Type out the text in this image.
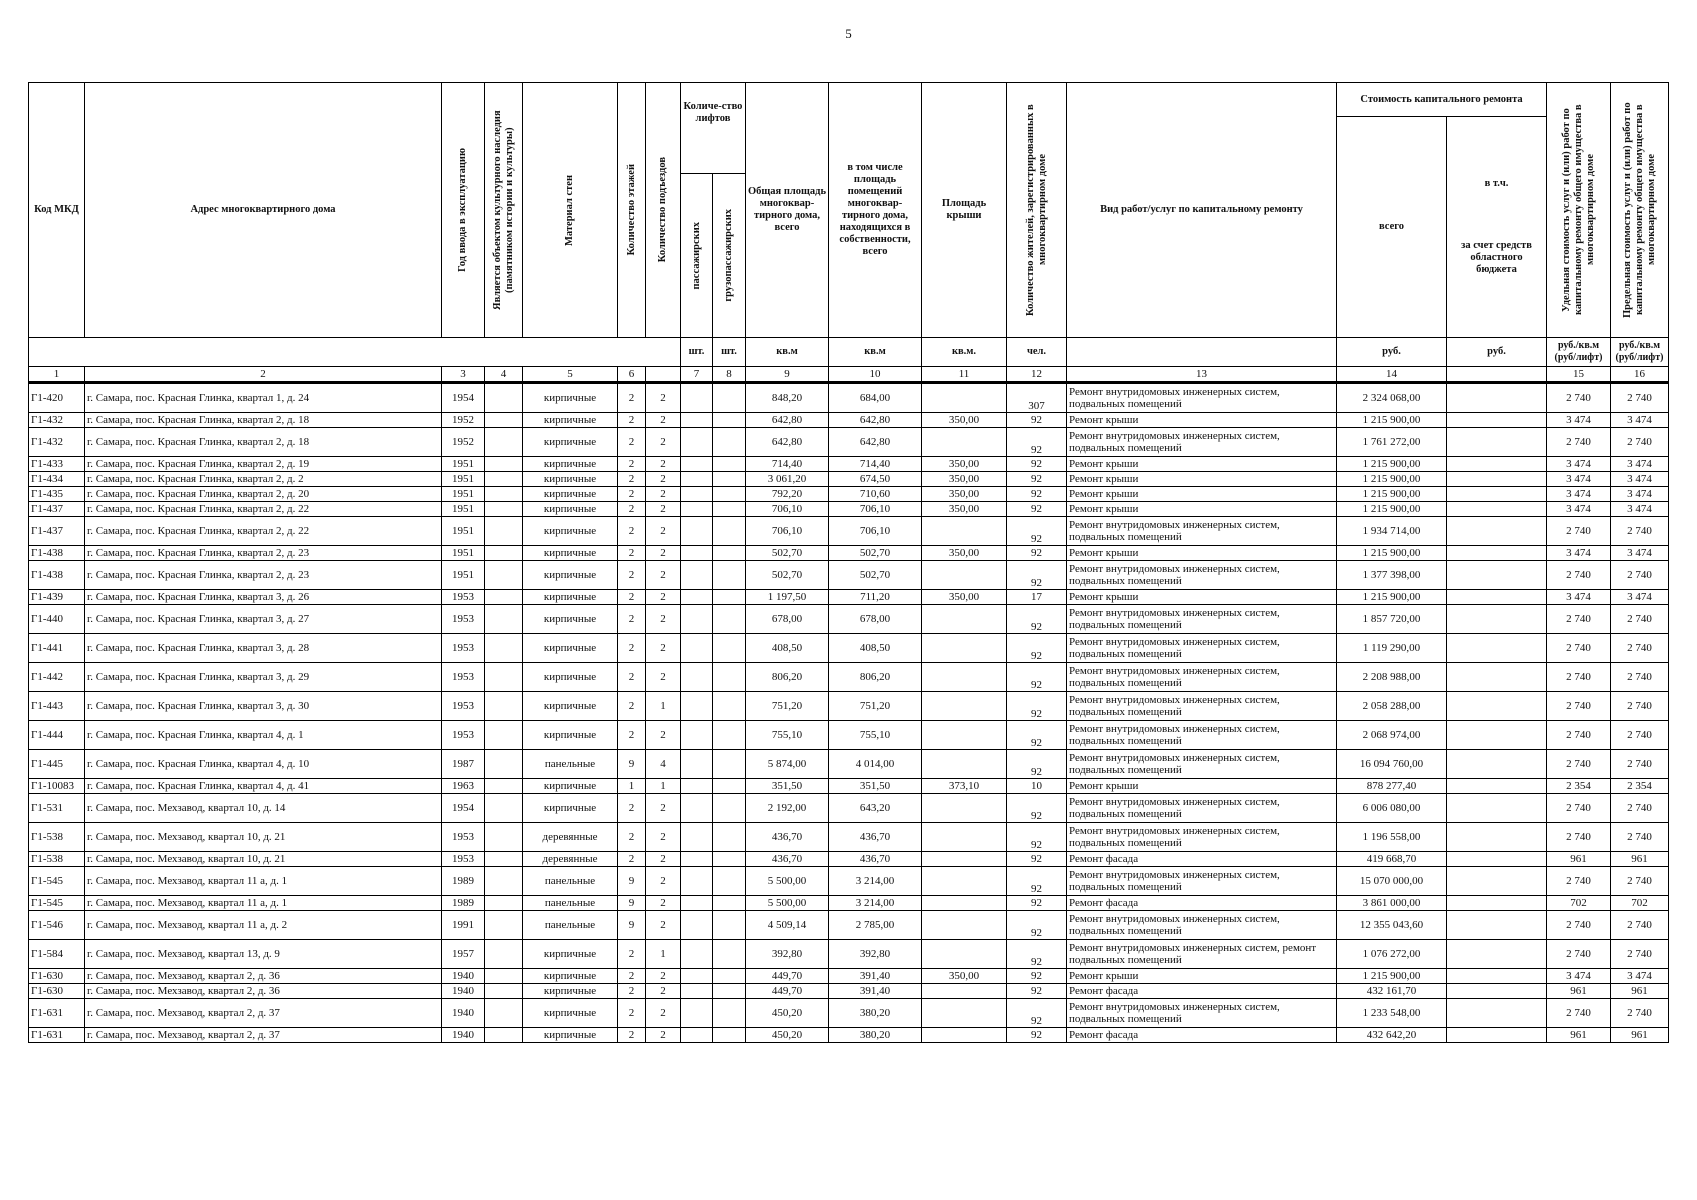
5
Код МКД	Адрес многоквартирного дома	Год ввода в эксплуатацию	Является объектом культурного наследия (памятником истории и культуры)	Материал стен	Количество этажей	Количество подъездов	Количе-ство лифтов		Общая площадь многоквар-тирного дома, всего	в том числе площадь помещений многоквар-тирного дома, находящихся в собственности, всего	Площадь крыши	Количество жителей, зарегистрированных в многоквартирном доме	Вид работ/услуг по капитальному ремонту	Стоимость капитального ремонта		Удельная стоимость услуг и (или) работ по капитальному ремонту общего имущества в многоквартирном доме	Предельная стоимость услуг и (или) работ по капитальному ремонту общего имущества в многоквартирном доме

														всего	в т.ч.
за счет средств областного бюджета		

							пассажирских	грузопассажирских									

							шт.	шт.	кв.м	кв.м	кв.м.	чел.		руб.	руб.	руб./кв.м (руб/лифт)	руб./кв.м (руб/лифт)
1	2	3	4	5	6		7	8	9	10	11	12	13	14		15	16
Г1-420	г. Самара, пос. Красная Глинка, квартал 1, д. 24	1954		кирпичные	2	2			848,20	684,00		307	Ремонт внутридомовых инженерных систем, подвальных помещений	2 324 068,00		2 740	2 740
Г1-432	г. Самара, пос. Красная Глинка, квартал 2, д. 18	1952		кирпичные	2	2			642,80	642,80	350,00	92	Ремонт крыши	1 215 900,00		3 474	3 474
Г1-432	г. Самара, пос. Красная Глинка, квартал 2, д. 18	1952		кирпичные	2	2			642,80	642,80		92	Ремонт внутридомовых инженерных систем, подвальных помещений	1 761 272,00		2 740	2 740
Г1-433	г. Самара, пос. Красная Глинка, квартал 2, д. 19	1951		кирпичные	2	2			714,40	714,40	350,00	92	Ремонт крыши	1 215 900,00		3 474	3 474
Г1-434	г. Самара, пос. Красная Глинка, квартал 2, д. 2	1951		кирпичные	2	2			3 061,20	674,50	350,00	92	Ремонт крыши	1 215 900,00		3 474	3 474
Г1-435	г. Самара, пос. Красная Глинка, квартал 2, д. 20	1951		кирпичные	2	2			792,20	710,60	350,00	92	Ремонт крыши	1 215 900,00		3 474	3 474
Г1-437	г. Самара, пос. Красная Глинка, квартал 2, д. 22	1951		кирпичные	2	2			706,10	706,10	350,00	92	Ремонт крыши	1 215 900,00		3 474	3 474
Г1-437	г. Самара, пос. Красная Глинка, квартал 2, д. 22	1951		кирпичные	2	2			706,10	706,10		92	Ремонт внутридомовых инженерных систем, подвальных помещений	1 934 714,00		2 740	2 740
Г1-438	г. Самара, пос. Красная Глинка, квартал 2, д. 23	1951		кирпичные	2	2			502,70	502,70	350,00	92	Ремонт крыши	1 215 900,00		3 474	3 474
Г1-438	г. Самара, пос. Красная Глинка, квартал 2, д. 23	1951		кирпичные	2	2			502,70	502,70		92	Ремонт внутридомовых инженерных систем, подвальных помещений	1 377 398,00		2 740	2 740
Г1-439	г. Самара, пос. Красная Глинка, квартал 3, д. 26	1953		кирпичные	2	2			1 197,50	711,20	350,00	17	Ремонт крыши	1 215 900,00		3 474	3 474
Г1-440	г. Самара, пос. Красная Глинка, квартал 3, д. 27	1953		кирпичные	2	2			678,00	678,00		92	Ремонт внутридомовых инженерных систем, подвальных помещений	1 857 720,00		2 740	2 740
Г1-441	г. Самара, пос. Красная Глинка, квартал 3, д. 28	1953		кирпичные	2	2			408,50	408,50		92	Ремонт внутридомовых инженерных систем, подвальных помещений	1 119 290,00		2 740	2 740
Г1-442	г. Самара, пос. Красная Глинка, квартал 3, д. 29	1953		кирпичные	2	2			806,20	806,20		92	Ремонт внутридомовых инженерных систем, подвальных помещений	2 208 988,00		2 740	2 740
Г1-443	г. Самара, пос. Красная Глинка, квартал 3, д. 30	1953		кирпичные	2	1			751,20	751,20		92	Ремонт внутридомовых инженерных систем, подвальных помещений	2 058 288,00		2 740	2 740
Г1-444	г. Самара, пос. Красная Глинка, квартал 4, д. 1	1953		кирпичные	2	2			755,10	755,10		92	Ремонт внутридомовых инженерных систем, подвальных помещений	2 068 974,00		2 740	2 740
Г1-445	г. Самара, пос. Красная Глинка, квартал 4, д. 10	1987		панельные	9	4			5 874,00	4 014,00		92	Ремонт внутридомовых инженерных систем, подвальных помещений	16 094 760,00		2 740	2 740
Г1-10083	г. Самара, пос. Красная Глинка, квартал 4, д. 41	1963		кирпичные	1	1			351,50	351,50	373,10	10	Ремонт крыши	878 277,40		2 354	2 354
Г1-531	г. Самара, пос. Мехзавод, квартал 10, д. 14	1954		кирпичные	2	2			2 192,00	643,20		92	Ремонт внутридомовых инженерных систем, подвальных помещений	6 006 080,00		2 740	2 740
Г1-538	г. Самара, пос. Мехзавод, квартал 10, д. 21	1953		деревянные	2	2			436,70	436,70		92	Ремонт внутридомовых инженерных систем, подвальных помещений	1 196 558,00		2 740	2 740
Г1-538	г. Самара, пос. Мехзавод, квартал 10, д. 21	1953		деревянные	2	2			436,70	436,70		92	Ремонт фасада	419 668,70		961	961
Г1-545	г. Самара, пос. Мехзавод, квартал 11 а, д. 1	1989		панельные	9	2			5 500,00	3 214,00		92	Ремонт внутридомовых инженерных систем, подвальных помещений	15 070 000,00		2 740	2 740
Г1-545	г. Самара, пос. Мехзавод, квартал 11 а, д. 1	1989		панельные	9	2			5 500,00	3 214,00		92	Ремонт фасада	3 861 000,00		702	702
Г1-546	г. Самара, пос. Мехзавод, квартал 11 а, д. 2	1991		панельные	9	2			4 509,14	2 785,00		92	Ремонт внутридомовых инженерных систем, подвальных помещений	12 355 043,60		2 740	2 740
Г1-584	г. Самара, пос. Мехзавод, квартал 13, д. 9	1957		кирпичные	2	1			392,80	392,80		92	Ремонт внутридомовых инженерных систем, ремонт подвальных помещений	1 076 272,00		2 740	2 740
Г1-630	г. Самара, пос. Мехзавод, квартал 2, д. 36	1940		кирпичные	2	2			449,70	391,40	350,00	92	Ремонт крыши	1 215 900,00		3 474	3 474
Г1-630	г. Самара, пос. Мехзавод, квартал 2, д. 36	1940		кирпичные	2	2			449,70	391,40		92	Ремонт фасада	432 161,70		961	961
Г1-631	г. Самара, пос. Мехзавод, квартал 2, д. 37	1940		кирпичные	2	2			450,20	380,20		92	Ремонт внутридомовых инженерных систем, подвальных помещений	1 233 548,00		2 740	2 740
Г1-631	г. Самара, пос. Мехзавод, квартал 2, д. 37	1940		кирпичные	2	2			450,20	380,20		92	Ремонт фасада	432 642,20		961	961
